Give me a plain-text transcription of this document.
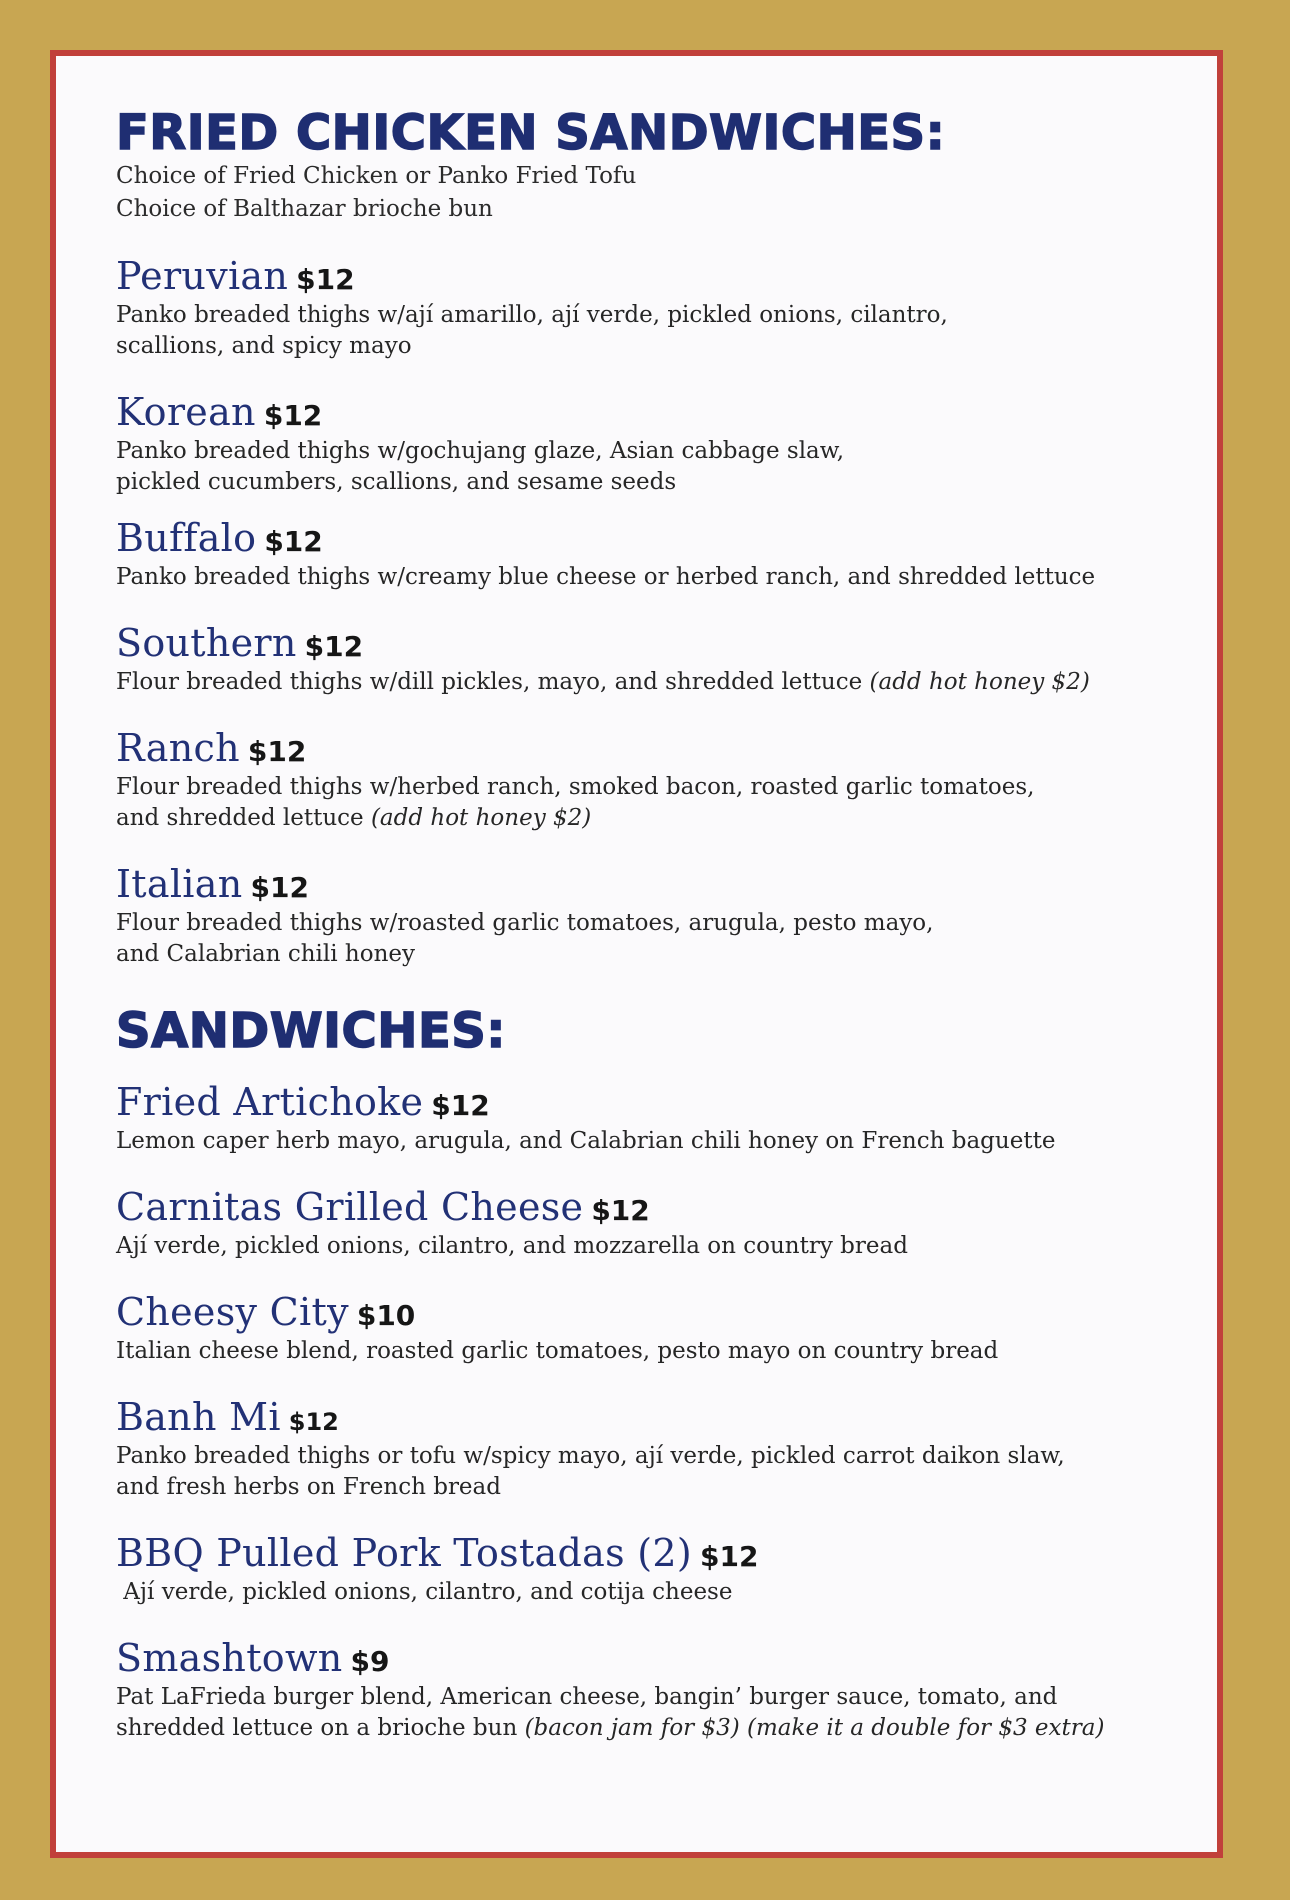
FRIED CHICKEN SANDWICHES:
Choice of Fried Chicken or Panko Fried Tofu
Choice of Balthazar brioche bun
Peruvian $12
Panko breaded thighs w/ají amarillo, ají verde, pickled onions, cilantro,
scallions, and spicy mayo
Korean $12
Panko breaded thighs w/gochujang glaze, Asian cabbage slaw,
pickled cucumbers, scallions, and sesame seeds
Buffalo $12
Panko breaded thighs w/creamy blue cheese or herbed ranch, and shredded lettuce
Southern $12
Flour breaded thighs w/dill pickles, mayo, and shredded lettuce (add hot honey $2)
Ranch $12
Flour breaded thighs w/herbed ranch, smoked bacon, roasted garlic tomatoes,
and shredded lettuce (add hot honey $2)
Italian $12
Flour breaded thighs w/roasted garlic tomatoes, arugula, pesto mayo,
and Calabrian chili honey
SANDWICHES:
Fried Artichoke $12
Lemon caper herb mayo, arugula, and Calabrian chili honey on French baguette
Carnitas Grilled Cheese $12
Ají verde, pickled onions, cilantro, and mozzarella on country bread
Cheesy City $10
Italian cheese blend, roasted garlic tomatoes, pesto mayo on country bread
Banh Mi $12
Panko breaded thighs or tofu w/spicy mayo, ají verde, pickled carrot daikon slaw,
and fresh herbs on French bread
BBQ Pulled Pork Tostadas (2) $12
Ají verde, pickled onions, cilantro, and cotija cheese
Smashtown $9
Pat LaFrieda burger blend, American cheese, bangin’ burger sauce, tomato, and
shredded lettuce on a brioche bun (bacon jam for $3) (make it a double for $3 extra)
